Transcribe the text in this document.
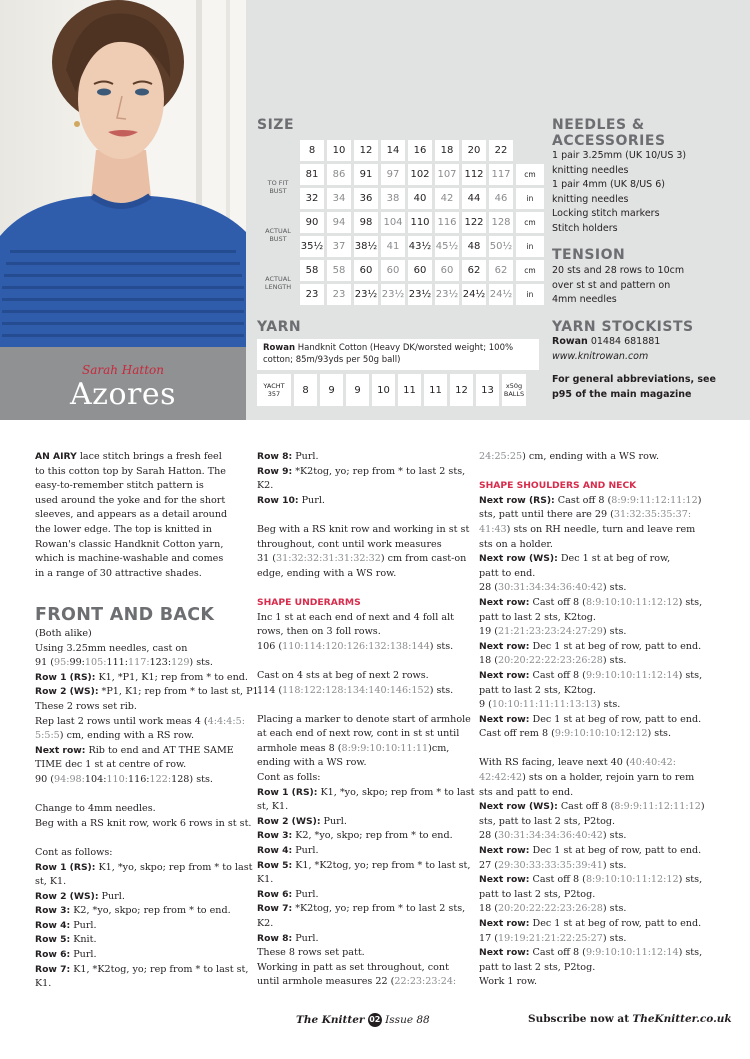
Sarah Hatton
Azores
SIZE
	8	10	12	14	16	18	20	22	
TO FIT BUST	81	86	91	97	102	107	112	117	cm
	32	34	36	38	40	42	44	46	in
ACTUAL BUST	90	94	98	104	110	116	122	128	cm
	35½	37	38½	41	43½	45½	48	50½	in
ACTUAL LENGTH	58	58	60	60	60	60	62	62	cm
	23	23	23½	23½	23½	23½	24½	24½	in
YARN
Rowan Handknit Cotton (Heavy DK/worsted weight; 100%
cotton; 85m/93yds per 50g ball)
YACHT
357	8	9	9	10	11	11	12	13	x50g
BALLS
NEEDLES &
ACCESSORIES
1 pair 3.25mm (UK 10/US 3)
knitting needles
1 pair 4mm (UK 8/US 6)
knitting needles
Locking stitch markers
Stitch holders
TENSION
20 sts and 28 rows to 10cm
over st st and pattern on
4mm needles
YARN STOCKISTS
Rowan 01484 681881
www.knitrowan.com
For general abbreviations, see
p95 of the main magazine

AN AIRY lace stitch brings a fresh feel

to this cotton top by Sarah Hatton. The

easy-to-remember stitch pattern is

used around the yoke and for the short

sleeves, and appears as a detail around

the lower edge. The top is knitted in

Rowan's classic Handknit Cotton yarn,

which is machine-washable and comes

in a range of 30 attractive shades.

FRONT AND BACK

(Both alike)

Using 3.25mm needles, cast on

91 (95:99:105:111:117:123:129) sts.

Row 1 (RS): K1, *P1, K1; rep from * to end.

Row 2 (WS): *P1, K1; rep from * to last st, P1.

These 2 rows set rib.

Rep last 2 rows until work meas 4 (4:4:4:5:

5:5:5) cm, ending with a RS row.

Next row: Rib to end and AT THE SAME

TIME dec 1 st at centre of row.

90 (94:98:104:110:116:122:128) sts.

Change to 4mm needles.

Beg with a RS knit row, work 6 rows in st st.

Cont as follows:

Row 1 (RS): K1, *yo, skpo; rep from * to last

st, K1.

Row 2 (WS): Purl.

Row 3: K2, *yo, skpo; rep from * to end.

Row 4: Purl.

Row 5: Knit.

Row 6: Purl.

Row 7: K1, *K2tog, yo; rep from * to last st,

K1.

Row 8: Purl.

Row 9: *K2tog, yo; rep from * to last 2 sts,

K2.

Row 10: Purl.

Beg with a RS knit row and working in st st

throughout, cont until work measures

31 (31:32:32:31:31:32:32) cm from cast-on

edge, ending with a WS row.

SHAPE UNDERARMS

Inc 1 st at each end of next and 4 foll alt

rows, then on 3 foll rows.

106 (110:114:120:126:132:138:144) sts.

Cast on 4 sts at beg of next 2 rows.

114 (118:122:128:134:140:146:152) sts.

Placing a marker to denote start of armhole

at each end of next row, cont in st st until

armhole meas 8 (8:9:9:10:10:11:11)cm,

ending with a WS row.

Cont as folls:

Row 1 (RS): K1, *yo, skpo; rep from * to last

st, K1.

Row 2 (WS): Purl.

Row 3: K2, *yo, skpo; rep from * to end.

Row 4: Purl.

Row 5: K1, *K2tog, yo; rep from * to last st,

K1.

Row 6: Purl.

Row 7: *K2tog, yo; rep from * to last 2 sts,

K2.

Row 8: Purl.

These 8 rows set patt.

Working in patt as set throughout, cont

until armhole measures 22 (22:23:23:24:

24:25:25) cm, ending with a WS row.

SHAPE SHOULDERS AND NECK

Next row (RS): Cast off 8 (8:9:9:11:12:11:12)

sts, patt until there are 29 (31:32:35:35:37:

41:43) sts on RH needle, turn and leave rem

sts on a holder.

Next row (WS): Dec 1 st at beg of row,

patt to end.

28 (30:31:34:34:36:40:42) sts.

Next row: Cast off 8 (8:9:10:10:11:12:12) sts,

patt to last 2 sts, K2tog.

19 (21:21:23:23:24:27:29) sts.

Next row: Dec 1 st at beg of row, patt to end.

18 (20:20:22:22:23:26:28) sts.

Next row: Cast off 8 (9:9:10:10:11:12:14) sts,

patt to last 2 sts, K2tog.

9 (10:10:11:11:11:13:13) sts.

Next row: Dec 1 st at beg of row, patt to end.

Cast off rem 8 (9:9:10:10:10:12:12) sts.

With RS facing, leave next 40 (40:40:42:

42:42:42) sts on a holder, rejoin yarn to rem

sts and patt to end.

Next row (WS): Cast off 8 (8:9:9:11:12:11:12)

sts, patt to last 2 sts, P2tog.

28 (30:31:34:34:36:40:42) sts.

Next row: Dec 1 st at beg of row, patt to end.

27 (29:30:33:33:35:39:41) sts.

Next row: Cast off 8 (8:9:10:10:11:12:12) sts,

patt to last 2 sts, P2tog.

18 (20:20:22:22:23:26:28) sts.

Next row: Dec 1 st at beg of row, patt to end.

17 (19:19:21:21:22:25:27) sts.

Next row: Cast off 8 (9:9:10:10:11:12:14) sts,

patt to last 2 sts, P2tog.

Work 1 row.

The Knitter 02 Issue 88	Subscribe now at TheKnitter.co.uk
